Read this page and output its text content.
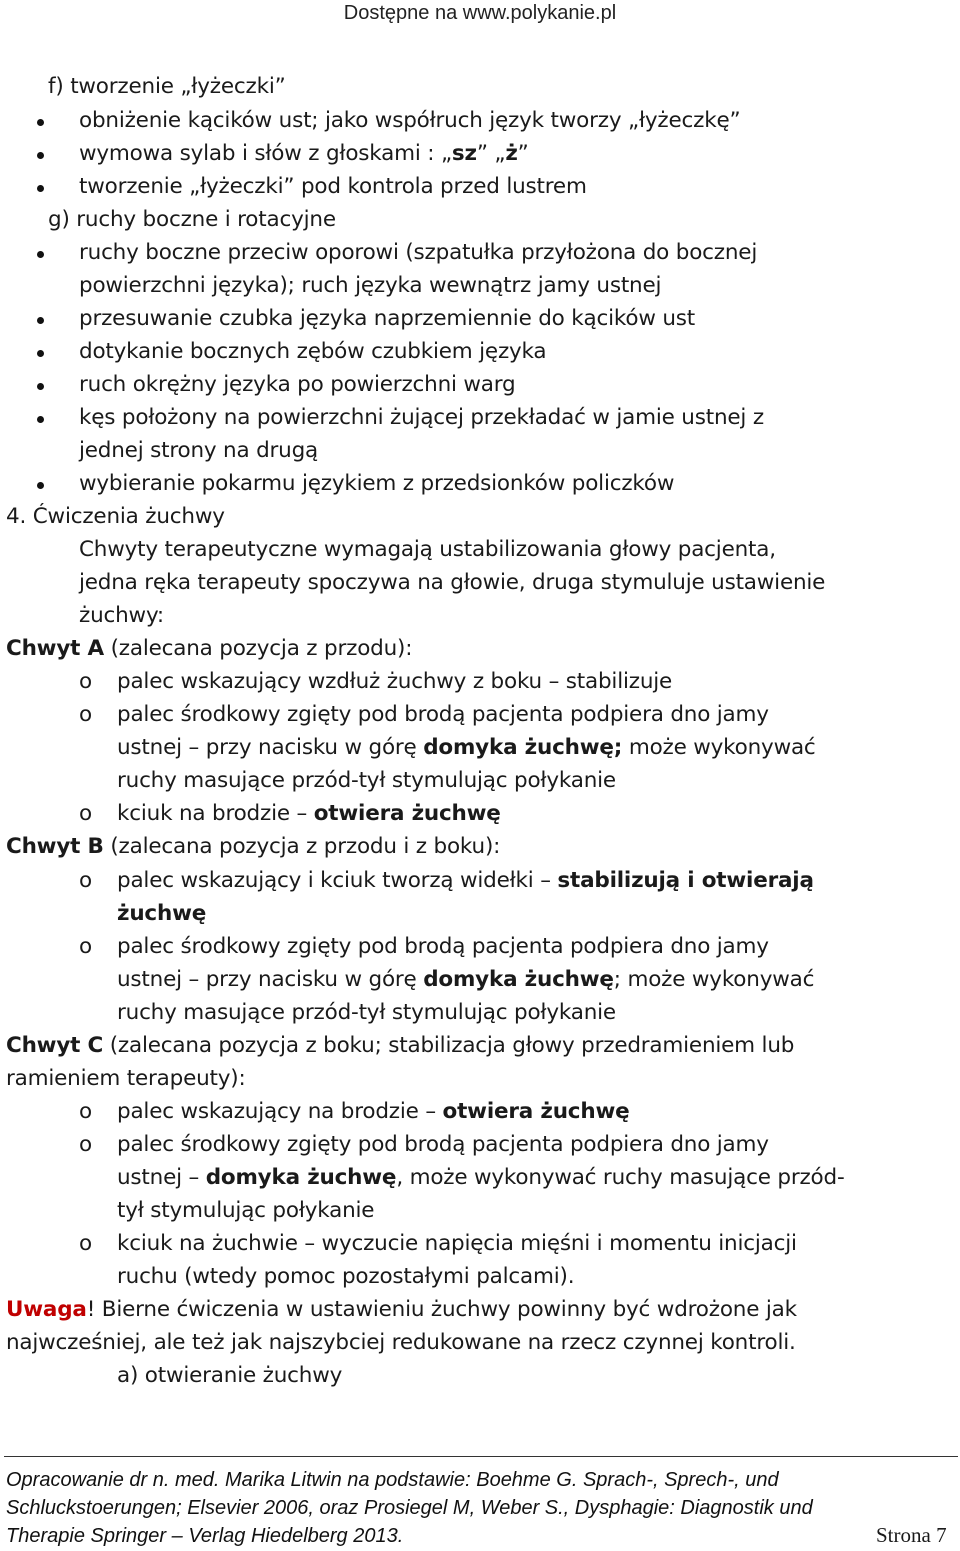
Dostępne na www.polykanie.pl
f) tworzenie „łyżeczki”
obniżenie kącików ust; jako współruch język tworzy „łyżeczkę”
wymowa sylab i słów z głoskami : „sz” „ż”
tworzenie „łyżeczki” pod kontrola przed lustrem
g) ruchy boczne i rotacyjne
ruchy boczne przeciw oporowi (szpatułka przyłożona do bocznej
powierzchni języka); ruch języka wewnątrz jamy ustnej
przesuwanie czubka języka naprzemiennie do kącików ust
dotykanie bocznych zębów czubkiem języka
ruch okrężny języka po powierzchni warg
kęs położony na powierzchni żującej przekładać w jamie ustnej z
jednej strony na drugą
wybieranie pokarmu językiem z przedsionków policzków
4. Ćwiczenia żuchwy
Chwyty terapeutyczne wymagają ustabilizowania głowy pacjenta,
jedna ręka terapeuty spoczywa na głowie, druga stymuluje ustawienie
żuchwy:
Chwyt A (zalecana pozycja z przodu):
o palec wskazujący wzdłuż żuchwy z boku – stabilizuje
o palec środkowy zgięty pod brodą pacjenta podpiera dno jamy
ustnej – przy nacisku w górę domyka żuchwę; może wykonywać
ruchy masujące przód-tył stymulując połykanie
o kciuk na brodzie – otwiera żuchwę
Chwyt B (zalecana pozycja z przodu i z boku):
o palec wskazujący i kciuk tworzą widełki – stabilizują i otwierają
żuchwę
o palec środkowy zgięty pod brodą pacjenta podpiera dno jamy
ustnej – przy nacisku w górę domyka żuchwę; może wykonywać
ruchy masujące przód-tył stymulując połykanie
Chwyt C (zalecana pozycja z boku; stabilizacja głowy przedramieniem lub
ramieniem terapeuty):
o palec wskazujący na brodzie – otwiera żuchwę
o palec środkowy zgięty pod brodą pacjenta podpiera dno jamy
ustnej – domyka żuchwę, może wykonywać ruchy masujące przód-
tył stymulując połykanie
o kciuk na żuchwie – wyczucie napięcia mięśni i momentu inicjacji
ruchu (wtedy pomoc pozostałymi palcami).
Uwaga! Bierne ćwiczenia w ustawieniu żuchwy powinny być wdrożone jak
najwcześniej, ale też jak najszybciej redukowane na rzecz czynnej kontroli.
a) otwieranie żuchwy
Opracowanie dr n. med. Marika Litwin na podstawie: Boehme G. Sprach-, Sprech-, und
Schluckstoerungen; Elsevier 2006, oraz Prosiegel M, Weber S., Dysphagie: Diagnostik und
Therapie Springer – Verlag Hiedelberg 2013.	Strona 7
